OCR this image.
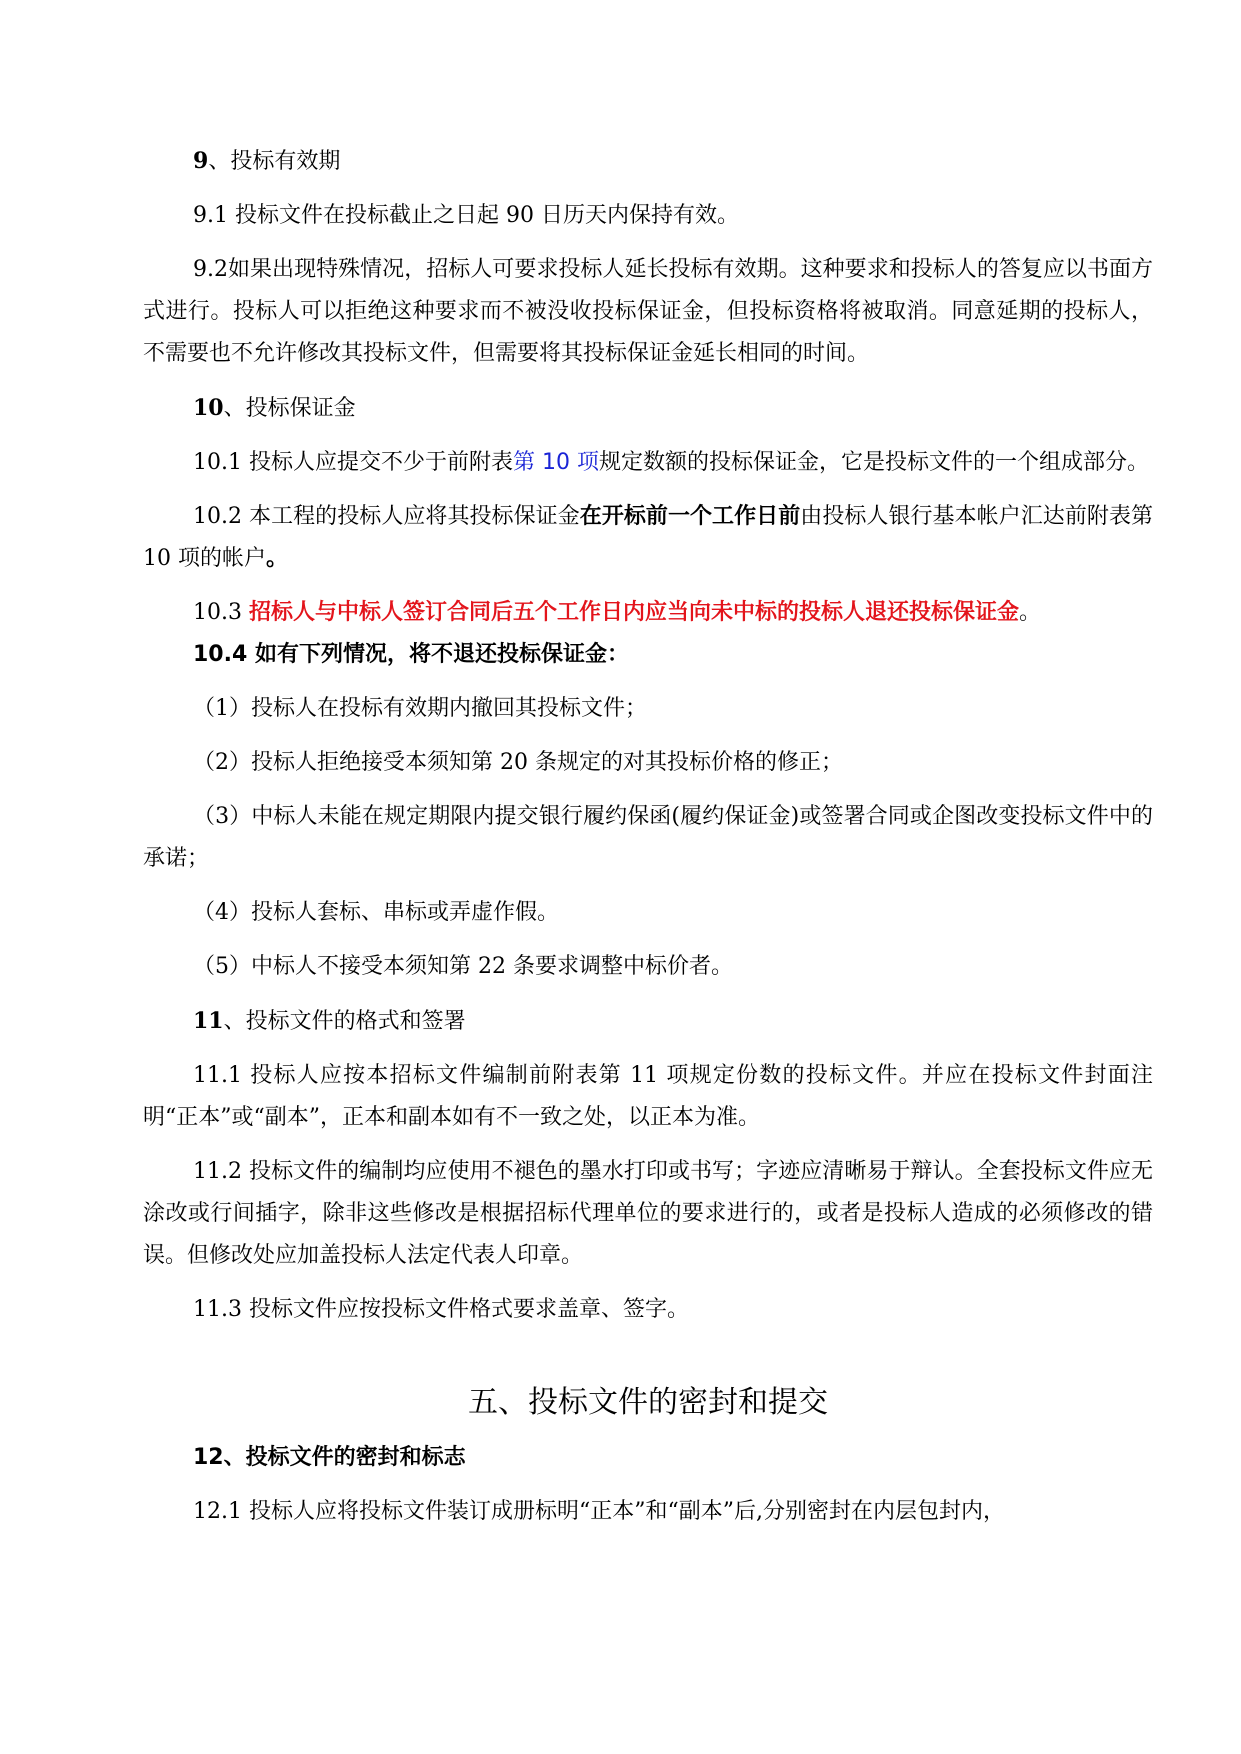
9、投标有效期

9.1 投标文件在投标截止之日起 90 日历天内保持有效。

9.2如果出现特殊情况，招标人可要求投标人延长投标有效期。这种要求和投标人的答复应以书面方式进行。投标人可以拒绝这种要求而不被没收投标保证金，但投标资格将被取消。同意延期的投标人，不需要也不允许修改其投标文件，但需要将其投标保证金延长相同的时间。

10、投标保证金

10.1 投标人应提交不少于前附表第 10 项规定数额的投标保证金，它是投标文件的一个组成部分。

10.2 本工程的投标人应将其投标保证金在开标前一个工作日前由投标人银行基本帐户汇达前附表第 10 项的帐户。

10.3 招标人与中标人签订合同后五个工作日内应当向未中标的投标人退还投标保证金。

10.4 如有下列情况，将不退还投标保证金：

（1）投标人在投标有效期内撤回其投标文件；

（2）投标人拒绝接受本须知第 20 条规定的对其投标价格的修正；

（3）中标人未能在规定期限内提交银行履约保函(履约保证金)或签署合同或企图改变投标文件中的承诺；

（4）投标人套标、串标或弄虚作假。

（5）中标人不接受本须知第 22 条要求调整中标价者。

11、投标文件的格式和签署

11.1 投标人应按本招标文件编制前附表第 11 项规定份数的投标文件。并应在投标文件封面注明“正本”或“副本”，正本和副本如有不一致之处，以正本为准。

11.2 投标文件的编制均应使用不褪色的墨水打印或书写；字迹应清晰易于辩认。全套投标文件应无涂改或行间插字，除非这些修改是根据招标代理单位的要求进行的，或者是投标人造成的必须修改的错误。但修改处应加盖投标人法定代表人印章。

11.3 投标文件应按投标文件格式要求盖章、签字。

五、投标文件的密封和提交

12、投标文件的密封和标志

12.1 投标人应将投标文件装订成册标明“正本”和“副本”后,分别密封在内层包封内，
